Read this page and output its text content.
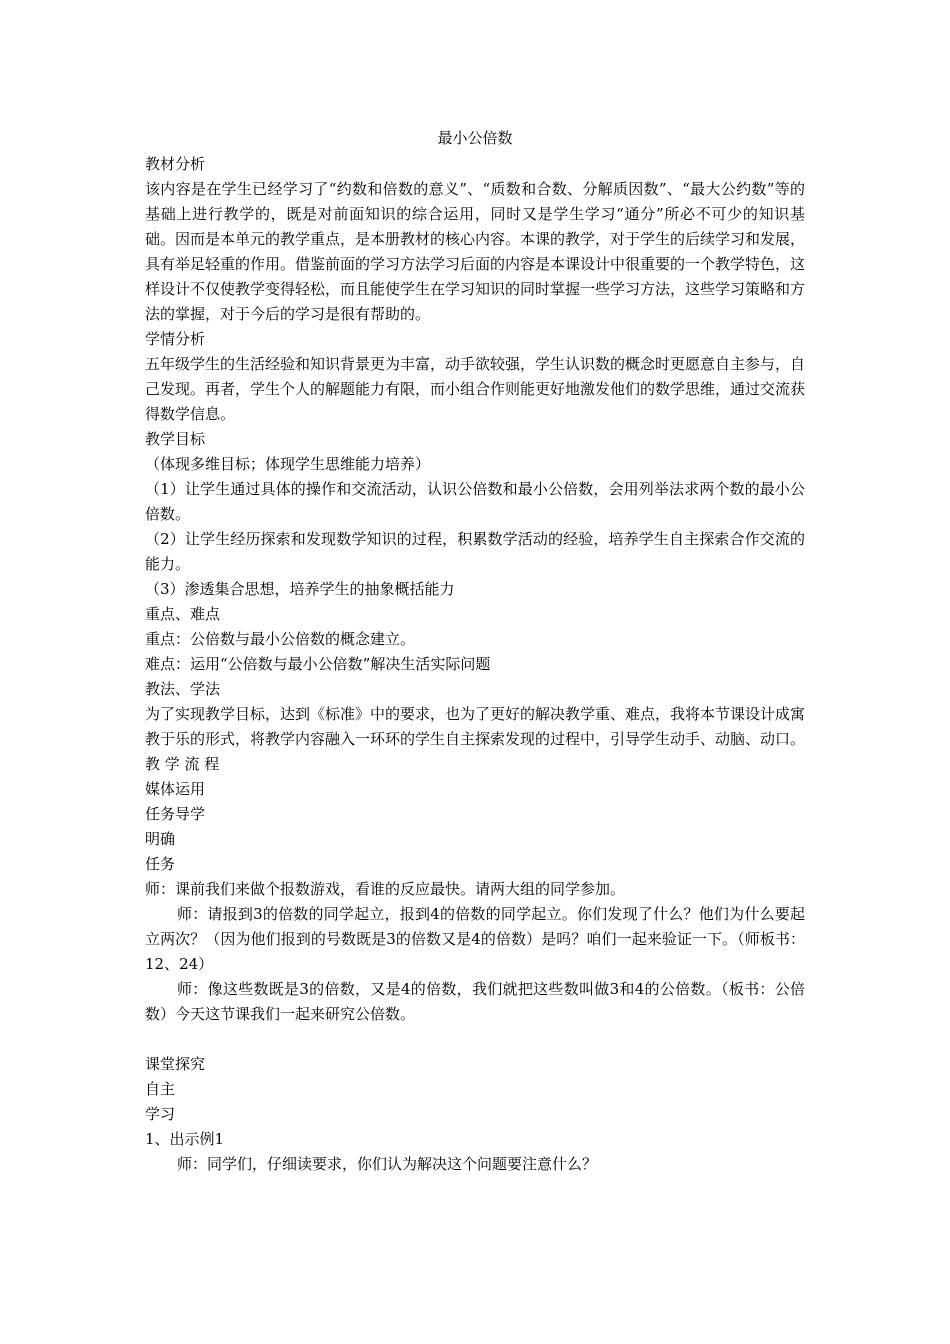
最小公倍数

教材分析

该内容是在学生已经学习了“约数和倍数的意义”、“质数和合数、分解质因数”、“最大公约数”等的基础上进行教学的，既是对前面知识的综合运用，同时又是学生学习“通分”所必不可少的知识基础。因而是本单元的教学重点，是本册教材的核心内容。本课的教学，对于学生的后续学习和发展，具有举足轻重的作用。借鉴前面的学习方法学习后面的内容是本课设计中很重要的一个教学特色，这样设计不仅使教学变得轻松，而且能使学生在学习知识的同时掌握一些学习方法，这些学习策略和方法的掌握，对于今后的学习是很有帮助的。

学情分析

五年级学生的生活经验和知识背景更为丰富，动手欲较强，学生认识数的概念时更愿意自主参与，自己发现。再者，学生个人的解题能力有限，而小组合作则能更好地激发他们的数学思维，通过交流获得数学信息。

教学目标

（体现多维目标；体现学生思维能力培养）

（1）让学生通过具体的操作和交流活动，认识公倍数和最小公倍数，会用列举法求两个数的最小公倍数。

（2）让学生经历探索和发现数学知识的过程，积累数学活动的经验，培养学生自主探索合作交流的能力。

（3）渗透集合思想，培养学生的抽象概括能力

重点、难点

重点：公倍数与最小公倍数的概念建立。

难点：运用“公倍数与最小公倍数”解决生活实际问题

教法、学法

为了实现教学目标，达到《标准》中的要求，也为了更好的解决教学重、难点，我将本节课设计成寓教于乐的形式，将教学内容融入一环环的学生自主探索发现的过程中，引导学生动手、动脑、动口。

教 学 流 程

媒体运用

任务导学

明确

任务

师：课前我们来做个报数游戏，看谁的反应最快。请两大组的同学参加。

师：请报到3的倍数的同学起立，报到4的倍数的同学起立。你们发现了什么？他们为什么要起立两次？（因为他们报到的号数既是3的倍数又是4的倍数）是吗？咱们一起来验证一下。（师板书：12、24）

师：像这些数既是3的倍数，又是4的倍数，我们就把这些数叫做3和4的公倍数。（板书：公倍数）今天这节课我们一起来研究公倍数。

课堂探究

自主

学习

1、出示例1

师：同学们，仔细读要求，你们认为解决这个问题要注意什么？
